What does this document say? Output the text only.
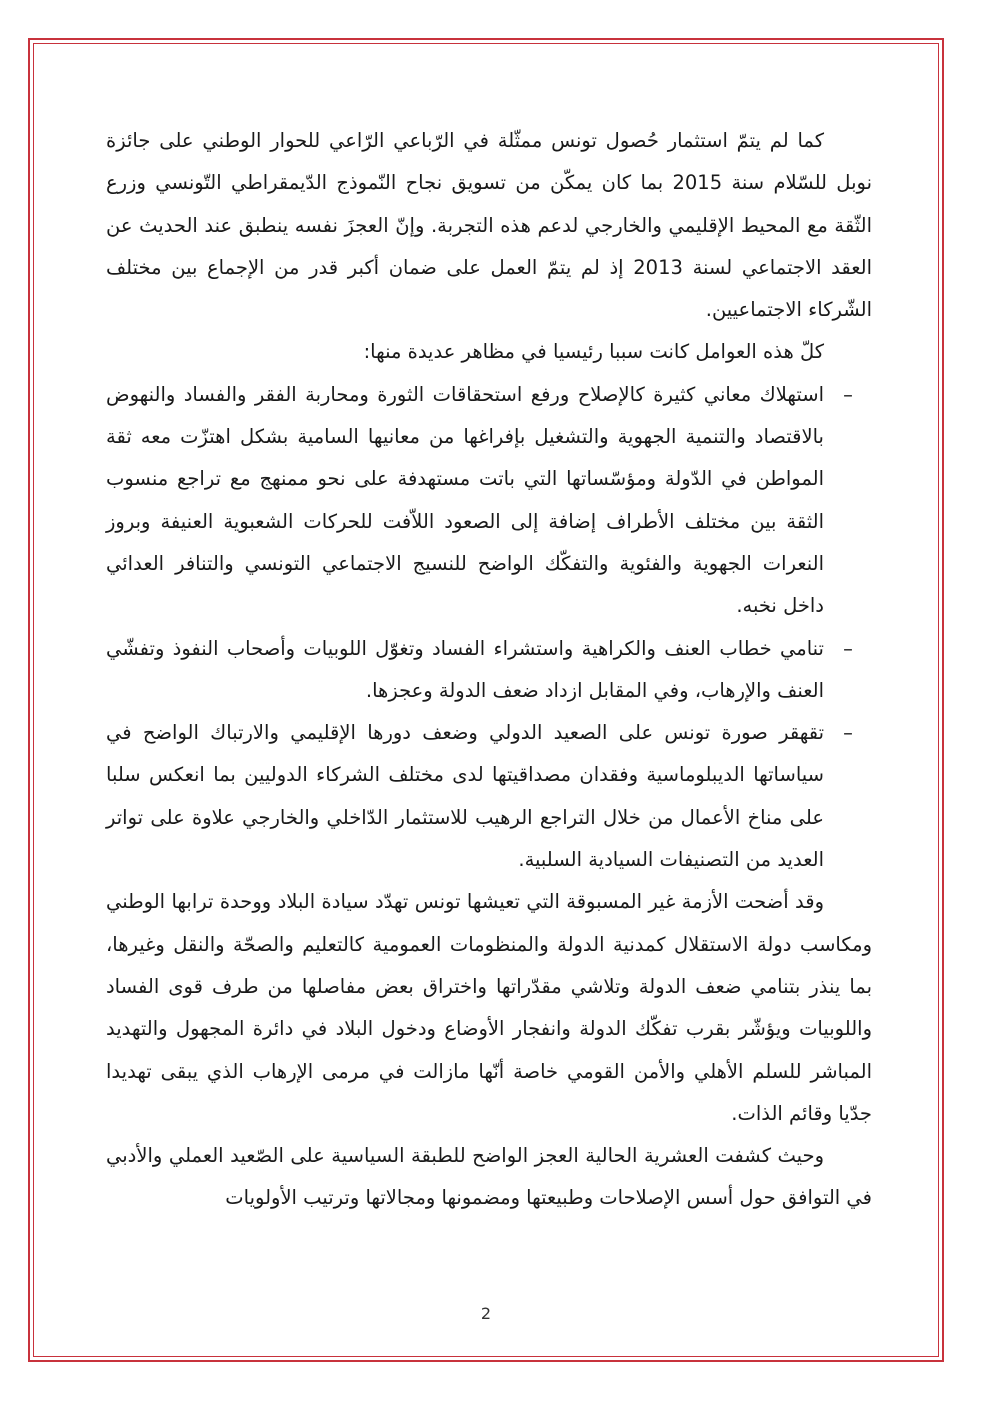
كما لم يتمّ استثمار حُصول تونس ممثّلة في الرّباعي الرّاعي للحوار الوطني على جائزة نوبل للسّلام سنة 2015 بما كان يمكّن من تسويق نجاح النّموذج الدّيمقراطي التّونسي وزرع الثّقة مع المحيط الإقليمي والخارجي لدعم هذه التجربة. وإنّ العجزَ نفسه ينطبق عند الحديث عن العقد الاجتماعي لسنة 2013 إذ لم يتمّ العمل على ضمان أكبر قدر من الإجماع بين مختلف الشّركاء الاجتماعيين.

كلّ هذه العوامل كانت سببا رئيسيا في مظاهر عديدة منها:

–
استهلاك معاني كثيرة كالإصلاح ورفع استحقاقات الثورة ومحاربة الفقر والفساد والنهوض بالاقتصاد والتنمية الجهوية والتشغيل بإفراغها من معانيها السامية بشكل اهتزّت معه ثقة المواطن في الدّولة ومؤسّساتها التي باتت مستهدفة على نحو ممنهج مع تراجع منسوب الثقة بين مختلف الأطراف إضافة إلى الصعود اللاّفت للحركات الشعبوية العنيفة وبروز النعرات الجهوية والفئوية والتفكّك الواضح للنسيج الاجتماعي التونسي والتنافر العدائي داخل نخبه.
–
تنامي خطاب العنف والكراهية واستشراء الفساد وتغوّل اللوبيات وأصحاب النفوذ وتفشّي العنف والإرهاب، وفي المقابل ازداد ضعف الدولة وعجزها.
–
تقهقر صورة تونس على الصعيد الدولي وضعف دورها الإقليمي والارتباك الواضح في سياساتها الديبلوماسية وفقدان مصداقيتها لدى مختلف الشركاء الدوليين بما انعكس سلبا على مناخ الأعمال من خلال التراجع الرهيب للاستثمار الدّاخلي والخارجي علاوة على تواتر العديد من التصنيفات السيادية السلبية.

وقد أضحت الأزمة غير المسبوقة التي تعيشها تونس تهدّد سيادة البلاد ووحدة ترابها الوطني ومكاسب دولة الاستقلال كمدنية الدولة والمنظومات العمومية كالتعليم والصحّة والنقل وغيرها، بما ينذر بتنامي ضعف الدولة وتلاشي مقدّراتها واختراق بعض مفاصلها من طرف قوى الفساد واللوبيات ويؤشّر بقرب تفكّك الدولة وانفجار الأوضاع ودخول البلاد في دائرة المجهول والتهديد المباشر للسلم الأهلي والأمن القومي خاصة أنّها مازالت في مرمى الإرهاب الذي يبقى تهديدا جدّيا وقائم الذات.

وحيث كشفت العشرية الحالية العجز الواضح للطبقة السياسية على الصّعيد العملي والأدبي في التوافق حول أسس الإصلاحات وطبيعتها ومضمونها ومجالاتها وترتيب الأولويات

2
